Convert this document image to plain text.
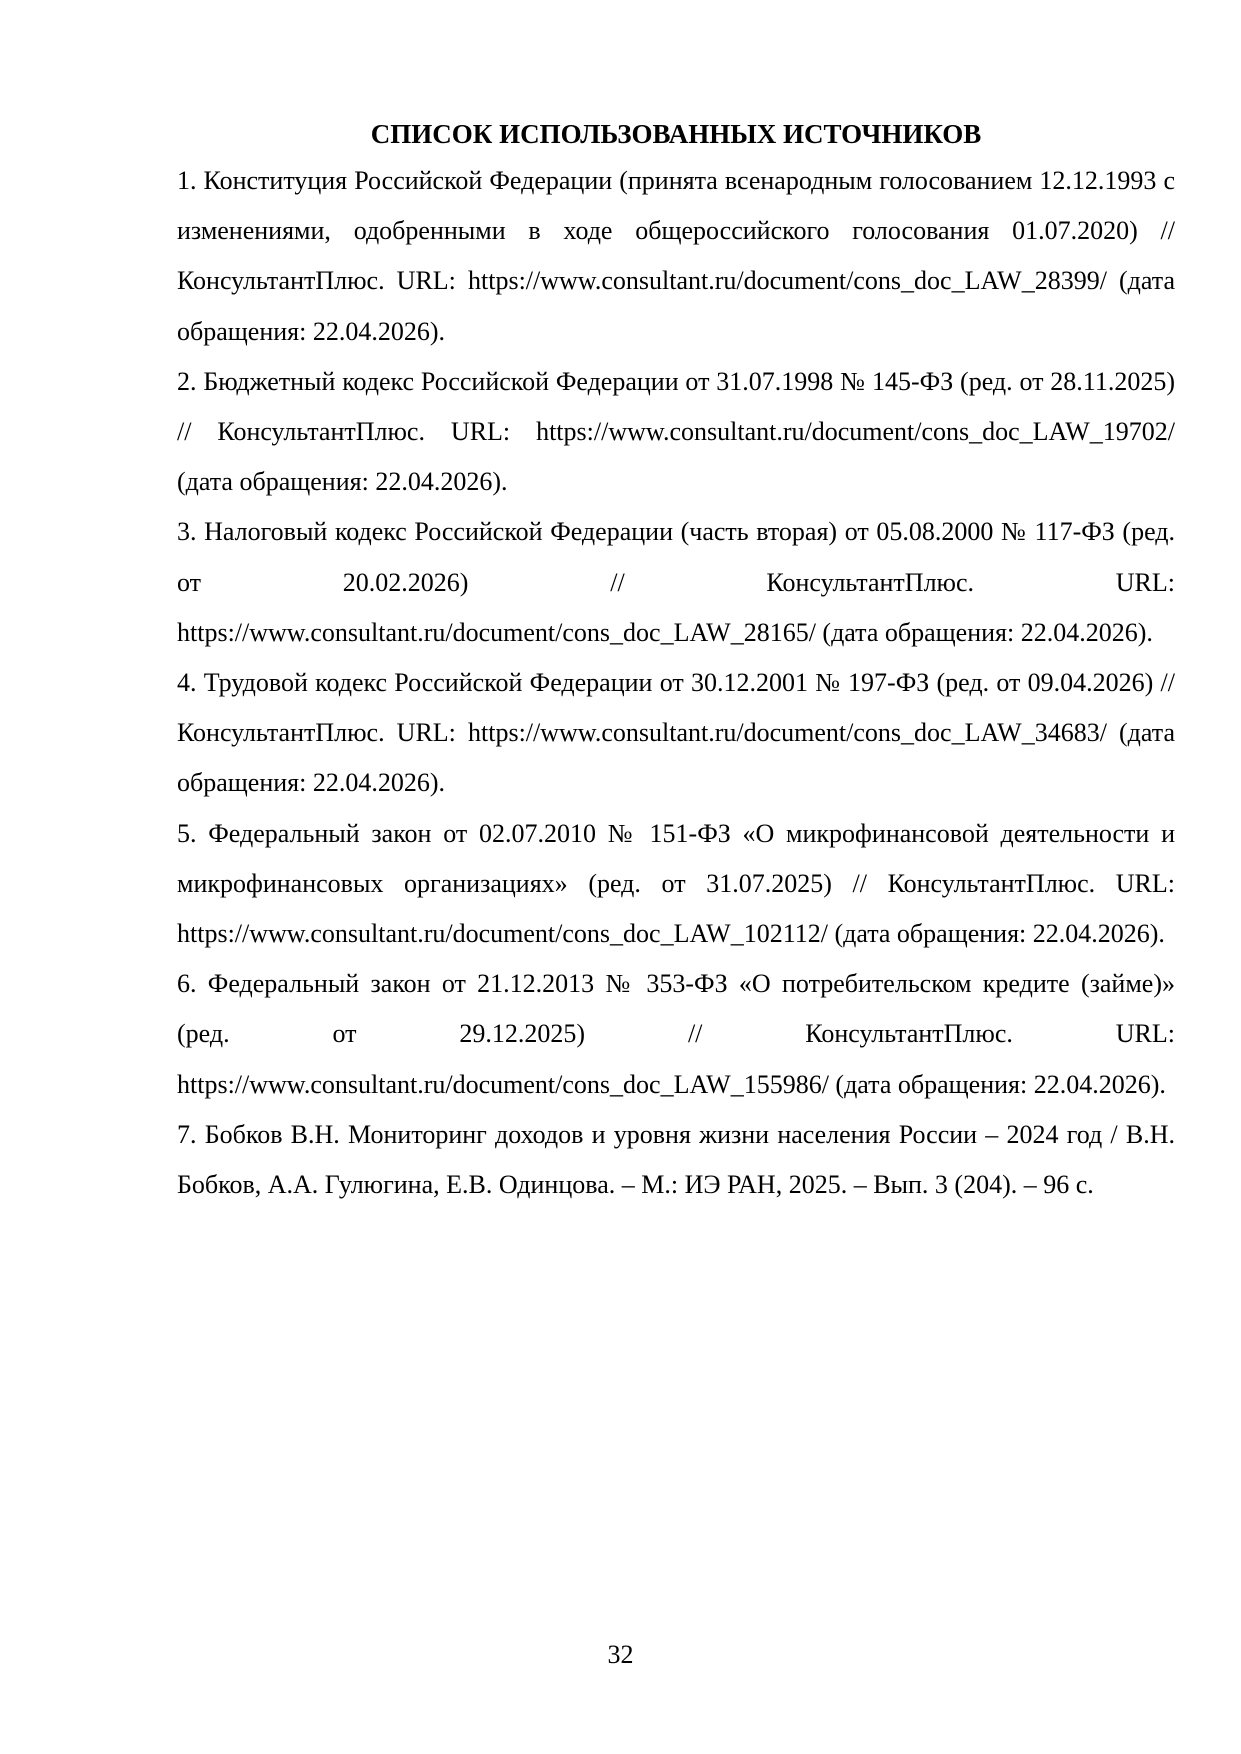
СПИСОК ИСПОЛЬЗОВАННЫХ ИСТОЧНИКОВ
1. Конституция Российской Федерации (принята всенародным голосованием 12.12.1993 с изменениями, одобренными в ходе общероссийского голосования 01.07.2020) // КонсультантПлюс. URL: https://www.consultant.ru/document/cons_doc_LAW_28399/ (дата обращения: 22.04.2026).
2. Бюджетный кодекс Российской Федерации от 31.07.1998 № 145-ФЗ (ред. от 28.11.2025) // КонсультантПлюс. URL: https://www.consultant.ru/document/cons_doc_LAW_19702/ (дата обращения: 22.04.2026).
3. Налоговый кодекс Российской Федерации (часть вторая) от 05.08.2000 № 117-ФЗ (ред. от 20.02.2026) // КонсультантПлюс. URL: https://www.consultant.ru/document/cons_doc_LAW_28165/ (дата обращения: 22.04.2026).
4. Трудовой кодекс Российской Федерации от 30.12.2001 № 197-ФЗ (ред. от 09.04.2026) // КонсультантПлюс. URL: https://www.consultant.ru/document/cons_doc_LAW_34683/ (дата обращения: 22.04.2026).
5. Федеральный закон от 02.07.2010 № 151-ФЗ «О микрофинансовой деятельности и микрофинансовых организациях» (ред. от 31.07.2025) // КонсультантПлюс. URL: https://www.consultant.ru/document/cons_doc_LAW_102112/ (дата обращения: 22.04.2026).
6. Федеральный закон от 21.12.2013 № 353-ФЗ «О потребительском кредите (займе)» (ред. от 29.12.2025) // КонсультантПлюс. URL: https://www.consultant.ru/document/cons_doc_LAW_155986/ (дата обращения: 22.04.2026).
7. Бобков В.Н. Мониторинг доходов и уровня жизни населения России – 2024 год / В.Н. Бобков, А.А. Гулюгина, Е.В. Одинцова. – М.: ИЭ РАН, 2025. – Вып. 3 (204). – 96 с.
32
